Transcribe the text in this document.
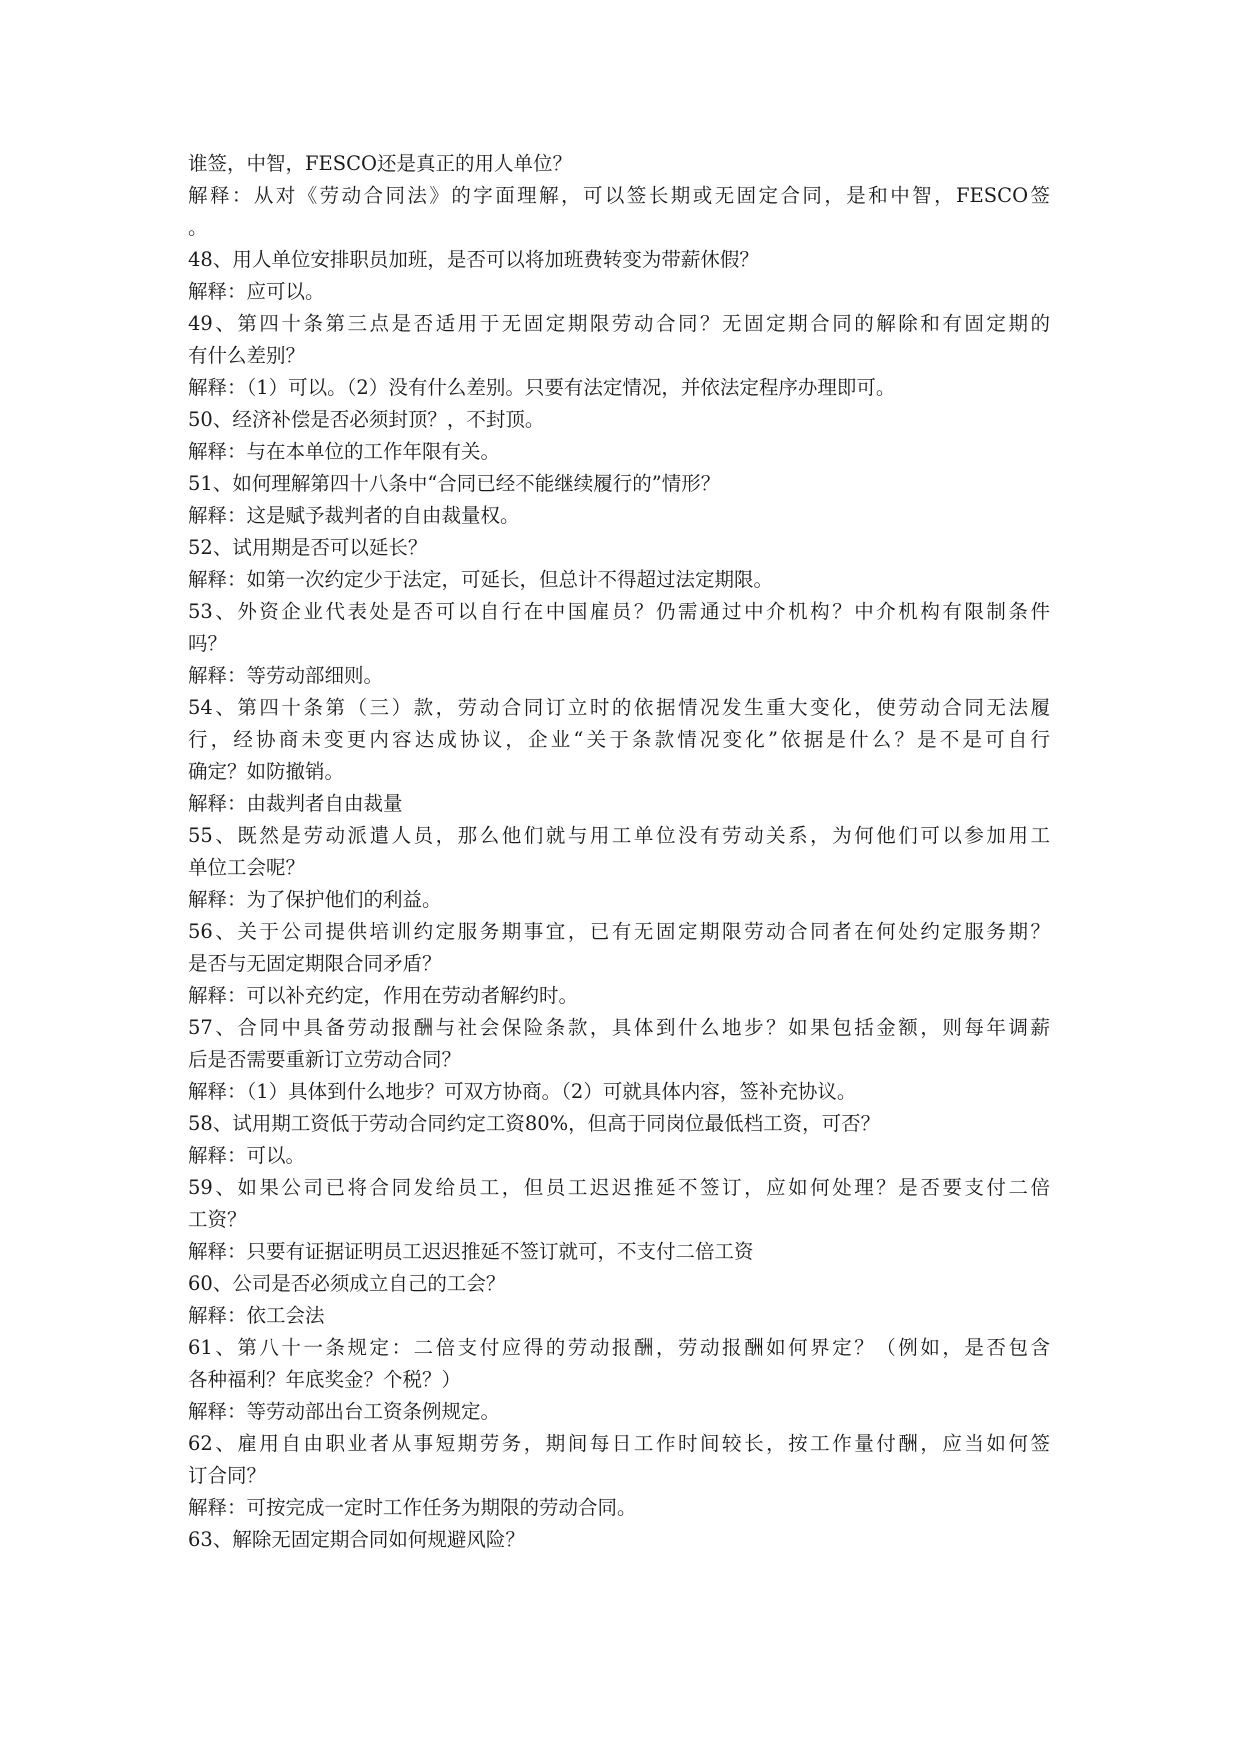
谁签，中智，FESCO还是真正的用人单位？
解释：从对《劳动合同法》的字面理解，可以签长期或无固定合同，是和中智，FESCO签
。
48、用人单位安排职员加班，是否可以将加班费转变为带薪休假？
解释：应可以。
49、第四十条第三点是否适用于无固定期限劳动合同？无固定期合同的解除和有固定期的
有什么差别？
解释：（1）可以。（2）没有什么差别。只要有法定情况，并依法定程序办理即可。
50、经济补偿是否必须封顶？，不封顶。
解释：与在本单位的工作年限有关。
51、如何理解第四十八条中“合同已经不能继续履行的”情形？
解释：这是赋予裁判者的自由裁量权。
52、试用期是否可以延长？
解释：如第一次约定少于法定，可延长，但总计不得超过法定期限。
53、外资企业代表处是否可以自行在中国雇员？仍需通过中介机构？中介机构有限制条件
吗？
解释：等劳动部细则。
54、第四十条第（三）款，劳动合同订立时的依据情况发生重大变化，使劳动合同无法履
行，经协商未变更内容达成协议，企业“关于条款情况变化”依据是什么？是不是可自行
确定？如防撤销。
解释：由裁判者自由裁量
55、既然是劳动派遣人员，那么他们就与用工单位没有劳动关系，为何他们可以参加用工
单位工会呢？
解释：为了保护他们的利益。
56、关于公司提供培训约定服务期事宜，已有无固定期限劳动合同者在何处约定服务期？
是否与无固定期限合同矛盾？
解释：可以补充约定，作用在劳动者解约时。
57、合同中具备劳动报酬与社会保险条款，具体到什么地步？如果包括金额，则每年调薪
后是否需要重新订立劳动合同？
解释：（1）具体到什么地步？可双方协商。（2）可就具体内容，签补充协议。
58、试用期工资低于劳动合同约定工资80%，但高于同岗位最低档工资，可否？
解释：可以。
59、如果公司已将合同发给员工，但员工迟迟推延不签订，应如何处理？是否要支付二倍
工资？
解释：只要有证据证明员工迟迟推延不签订就可，不支付二倍工资
60、公司是否必须成立自己的工会？
解释：依工会法
61、第八十一条规定：二倍支付应得的劳动报酬，劳动报酬如何界定？（例如，是否包含
各种福利？年底奖金？个税？）
解释：等劳动部出台工资条例规定。
62、雇用自由职业者从事短期劳务，期间每日工作时间较长，按工作量付酬，应当如何签
订合同？
解释：可按完成一定时工作任务为期限的劳动合同。
63、解除无固定期合同如何规避风险？
